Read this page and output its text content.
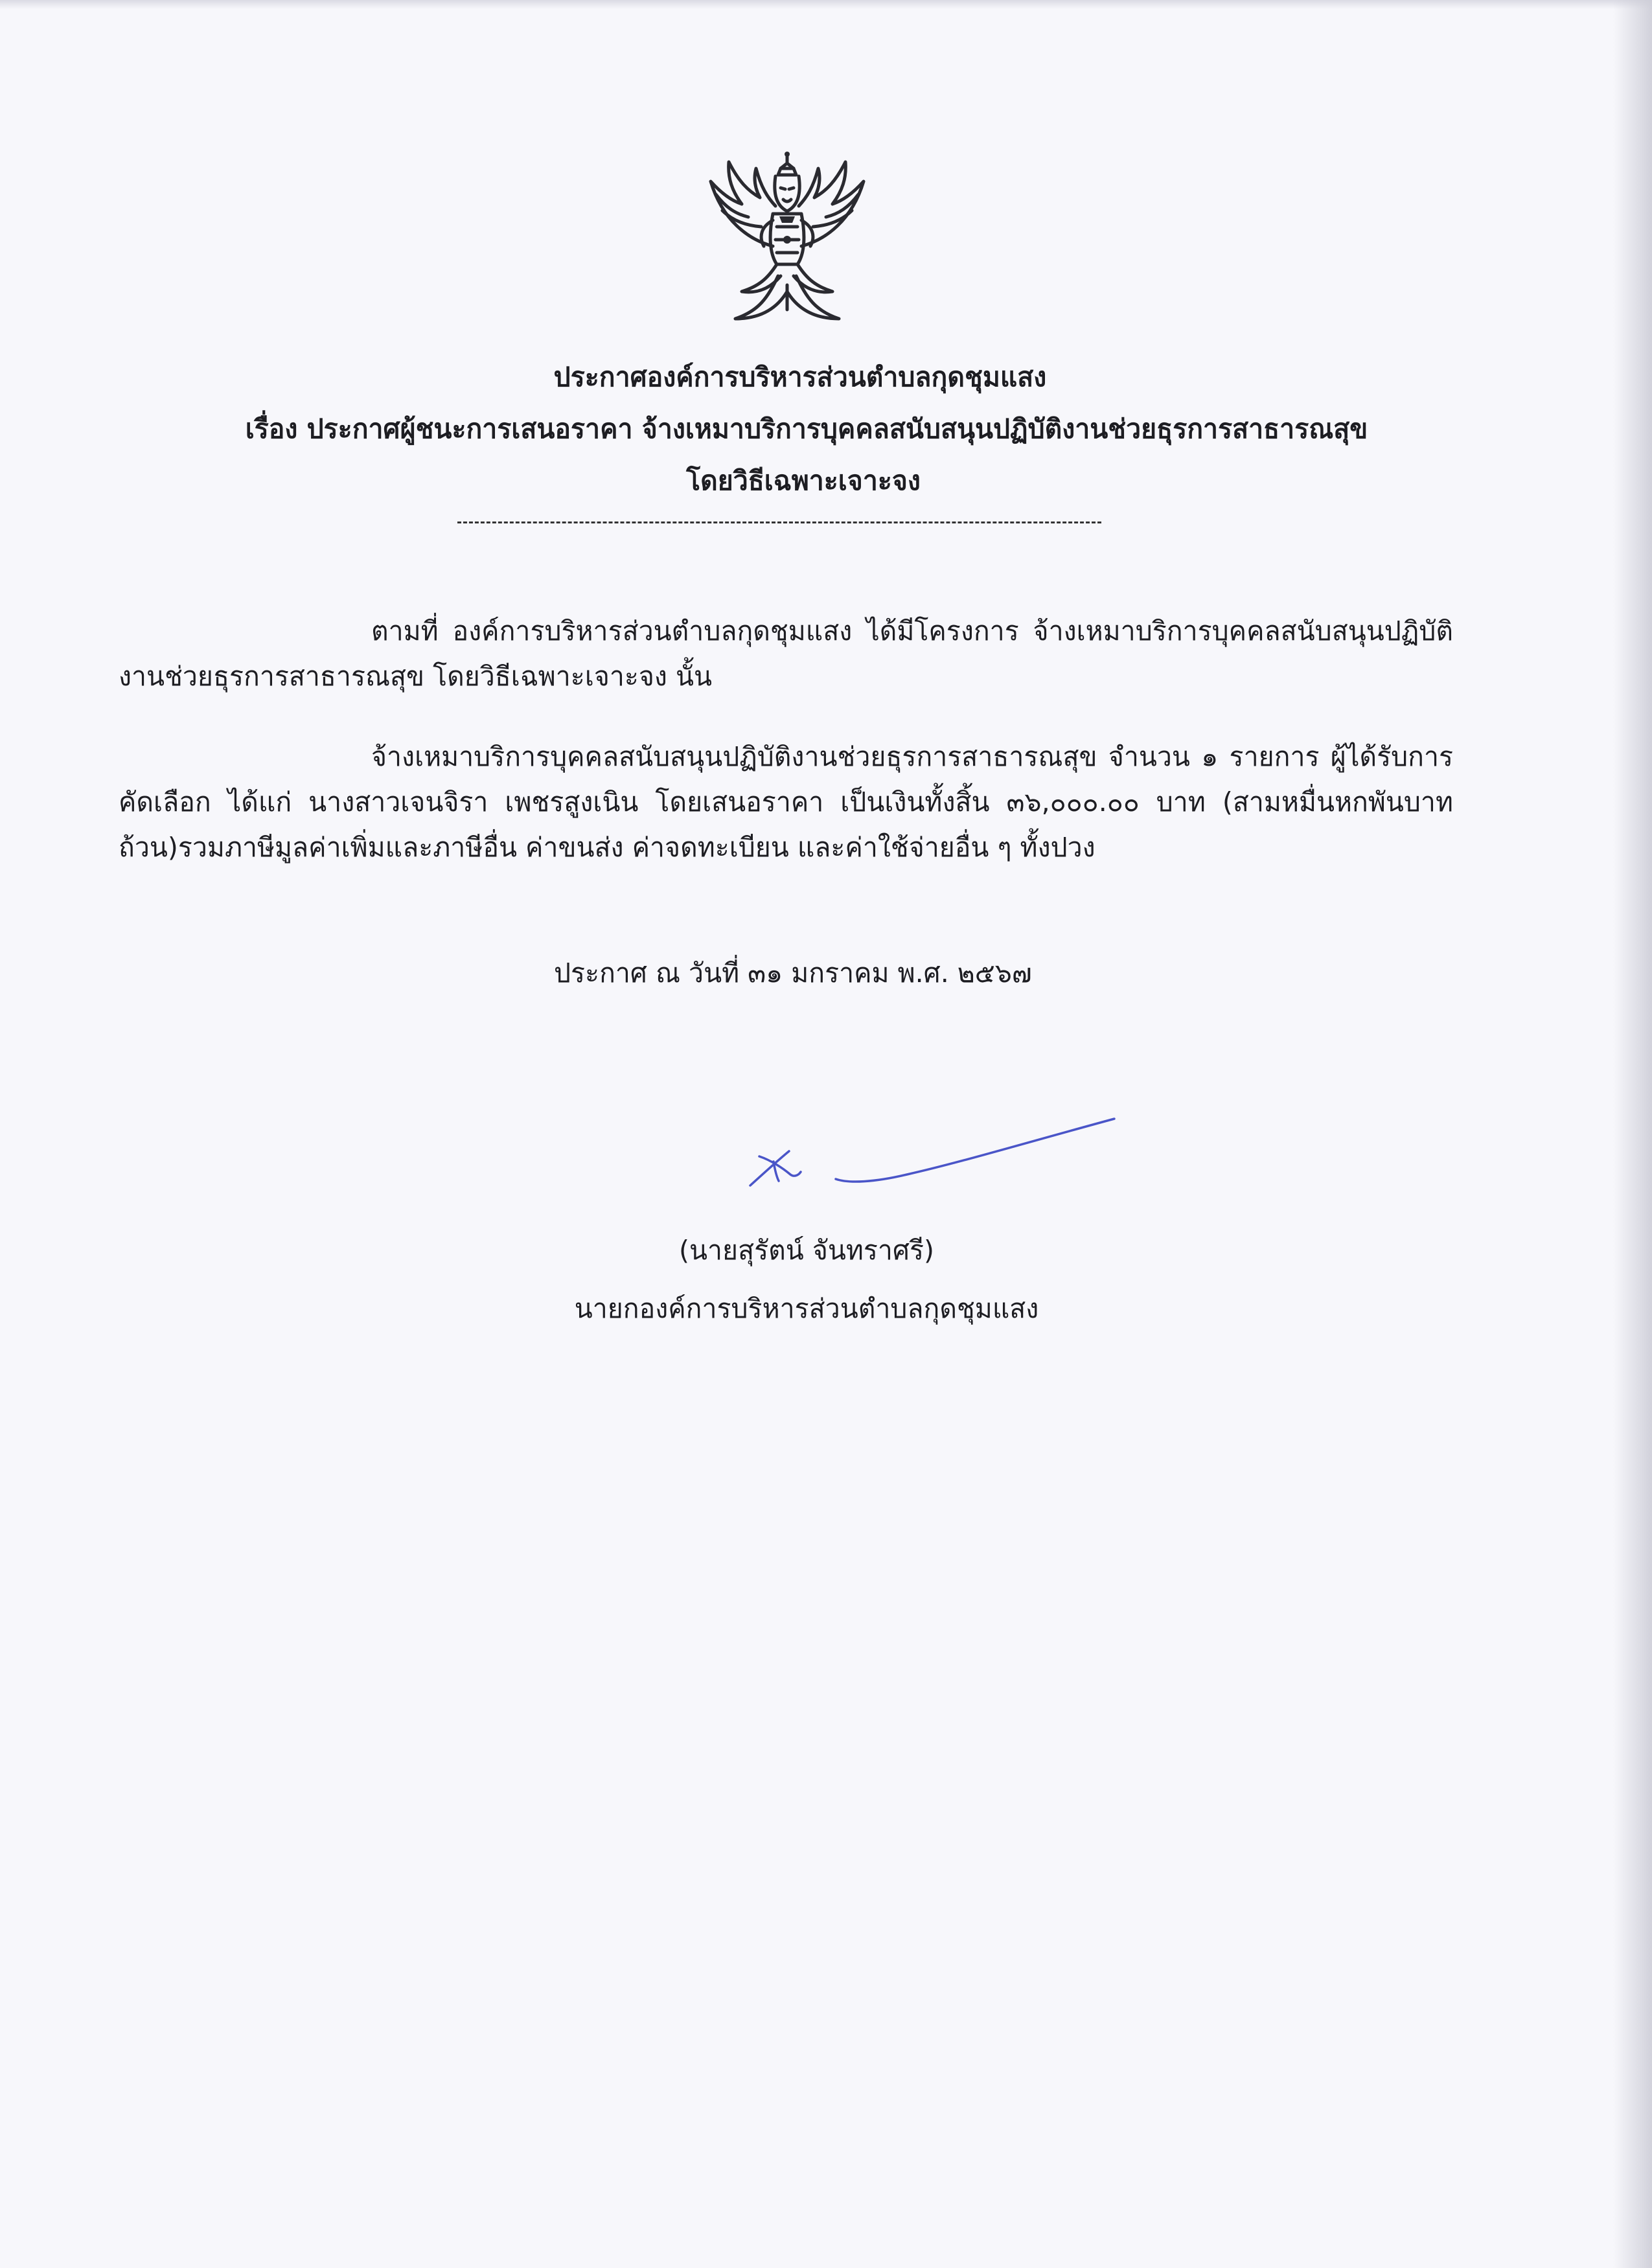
ประกาศองค์การบริหารส่วนตำบลกุดชุมแสง
เรื่อง ประกาศผู้ชนะการเสนอราคา จ้างเหมาบริการบุคคลสนับสนุนปฏิบัติงานช่วยธุรการสาธารณสุข
โดยวิธีเฉพาะเจาะจง

ตามที่ องค์การบริหารส่วนตำบลกุดชุมแสง ได้มีโครงการ จ้างเหมาบริการบุคคลสนับสนุนปฏิบัติงานช่วยธุรการสาธารณสุข โดยวิธีเฉพาะเจาะจง นั้น

จ้างเหมาบริการบุคคลสนับสนุนปฏิบัติงานช่วยธุรการสาธารณสุข จำนวน ๑ รายการ ผู้ได้รับการคัดเลือก ได้แก่ นางสาวเจนจิรา เพชรสูงเนิน โดยเสนอราคา เป็นเงินทั้งสิ้น ๓๖,๐๐๐.๐๐ บาท (สามหมื่นหกพันบาทถ้วน)รวมภาษีมูลค่าเพิ่มและภาษีอื่น ค่าขนส่ง ค่าจดทะเบียน และค่าใช้จ่ายอื่น ๆ ทั้งปวง

ประกาศ ณ วันที่ ๓๑ มกราคม พ.ศ. ๒๕๖๗
(นายสุรัตน์ จันทราศรี)
นายกองค์การบริหารส่วนตำบลกุดชุมแสง
